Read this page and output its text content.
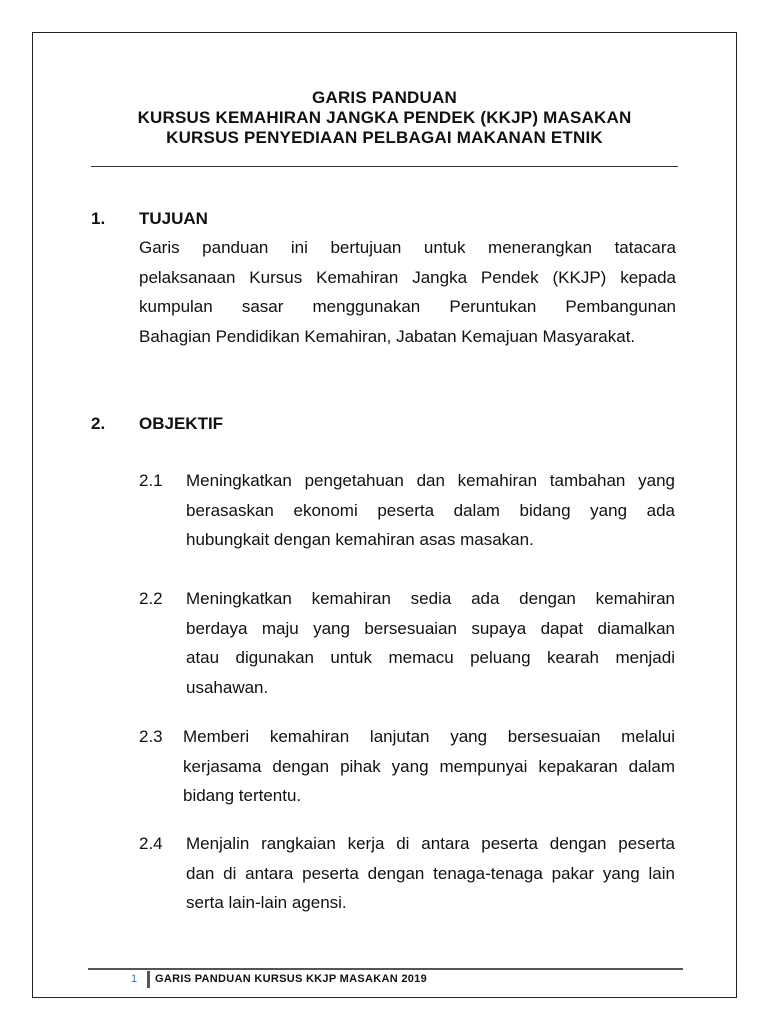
GARIS PANDUAN
KURSUS KEMAHIRAN JANGKA PENDEK (KKJP) MASAKAN
KURSUS PENYEDIAAN PELBAGAI MAKANAN ETNIK
1. TUJUAN
Garis panduan ini bertujuan untuk menerangkan tatacara
pelaksanaan Kursus Kemahiran Jangka Pendek (KKJP) kepada
kumpulan sasar menggunakan Peruntukan Pembangunan
Bahagian Pendidikan Kemahiran, Jabatan Kemajuan Masyarakat.
2. OBJEKTIF
2.1 Meningkatkan pengetahuan dan kemahiran tambahan yang
berasaskan ekonomi peserta dalam bidang yang ada
hubungkait dengan kemahiran asas masakan.
2.2 Meningkatkan kemahiran sedia ada dengan kemahiran
berdaya maju yang bersesuaian supaya dapat diamalkan
atau digunakan untuk memacu peluang kearah menjadi
usahawan.
2.3 Memberi kemahiran lanjutan yang bersesuaian melalui
kerjasama dengan pihak yang mempunyai kepakaran dalam
bidang tertentu.
2.4 Menjalin rangkaian kerja di antara peserta dengan peserta
dan di antara peserta dengan tenaga-tenaga pakar yang lain
serta lain-lain agensi.
1 GARIS PANDUAN KURSUS KKJP MASAKAN 2019
